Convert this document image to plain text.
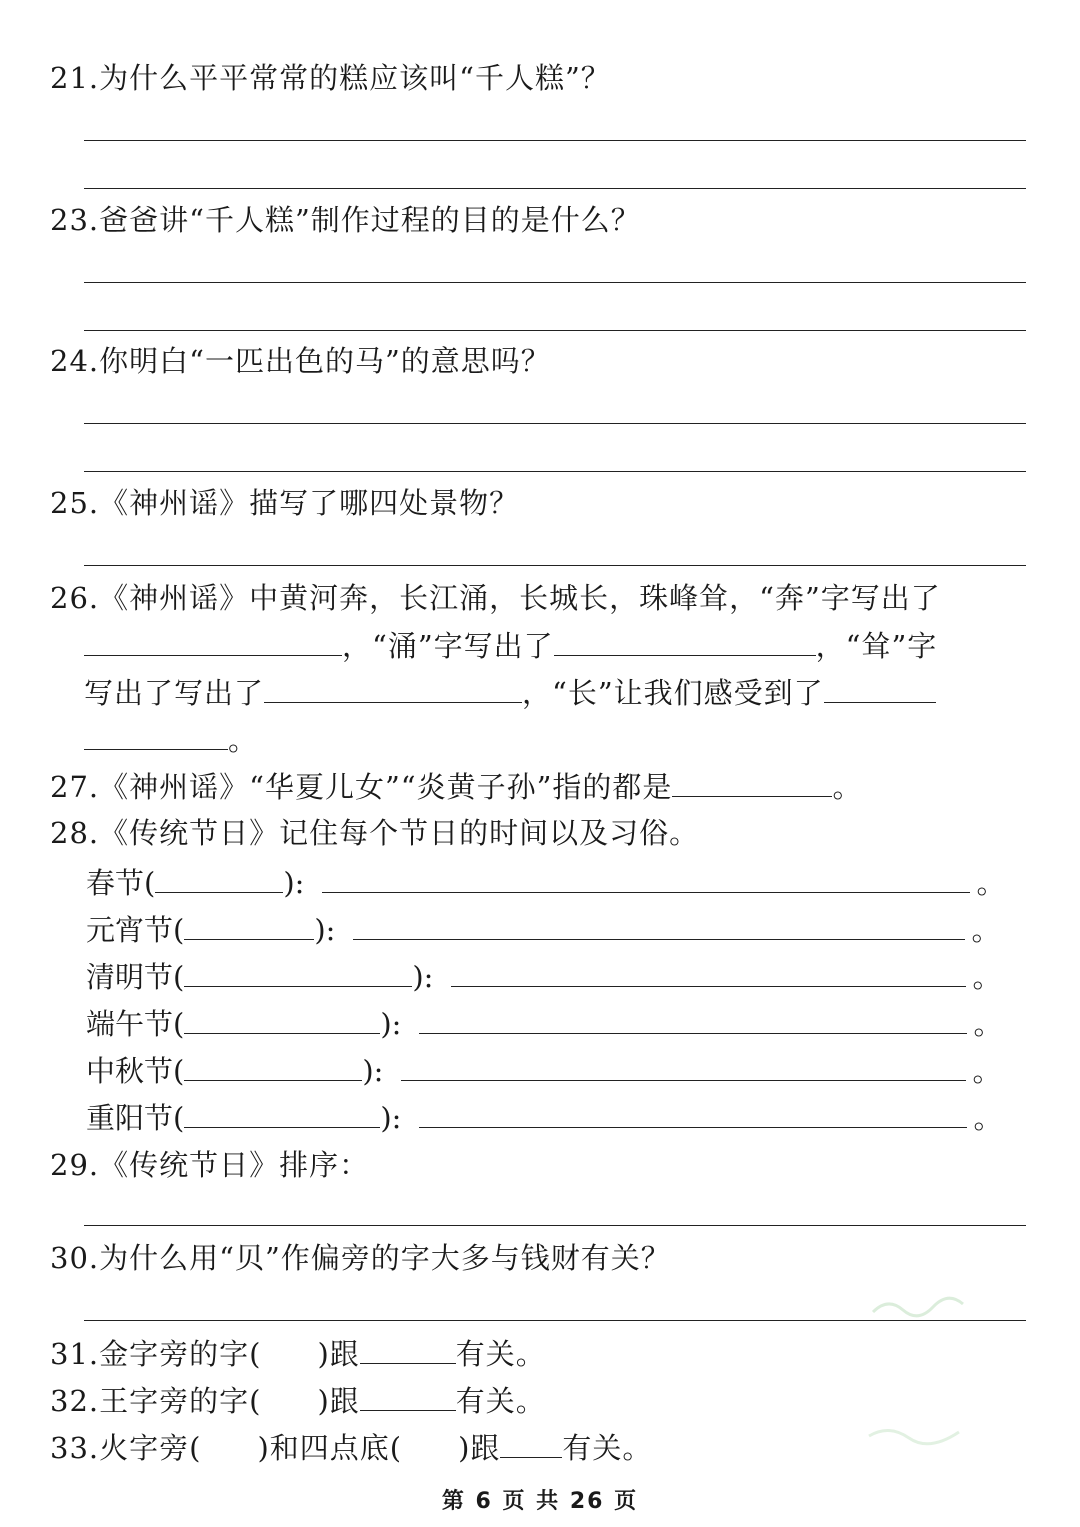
21.为什么平平常常的糕应该叫“千人糕”？
23.爸爸讲“千人糕”制作过程的目的是什么？
24.你明白“一匹出色的马”的意思吗？
25.《神州谣》描写了哪四处景物？
26.《神州谣》中黄河奔，长江涌，长城长，珠峰耸，“奔”字写出了
，“涌”字写出了	，“耸”字
写出了写出了	，“长”让我们感受到了
。
27.《神州谣》“华夏儿女”“炎黄子孙”指的都是	。
28.《传统节日》记住每个节日的时间以及习俗。
春节 (	):	。
元宵节 (	):	。
清明节 (	):	。
端午节 (	):	。
中秋节 (	):	。
重阳节 (	):	。
29.《传统节日》排序：
30.为什么用“贝”作偏旁的字大多与钱财有关？
31.金字旁的字( )跟	有关。
32.王字旁的字( )跟	有关。
33.火字旁( )和四点底( )跟 有关。
第 6 页 共 26 页
